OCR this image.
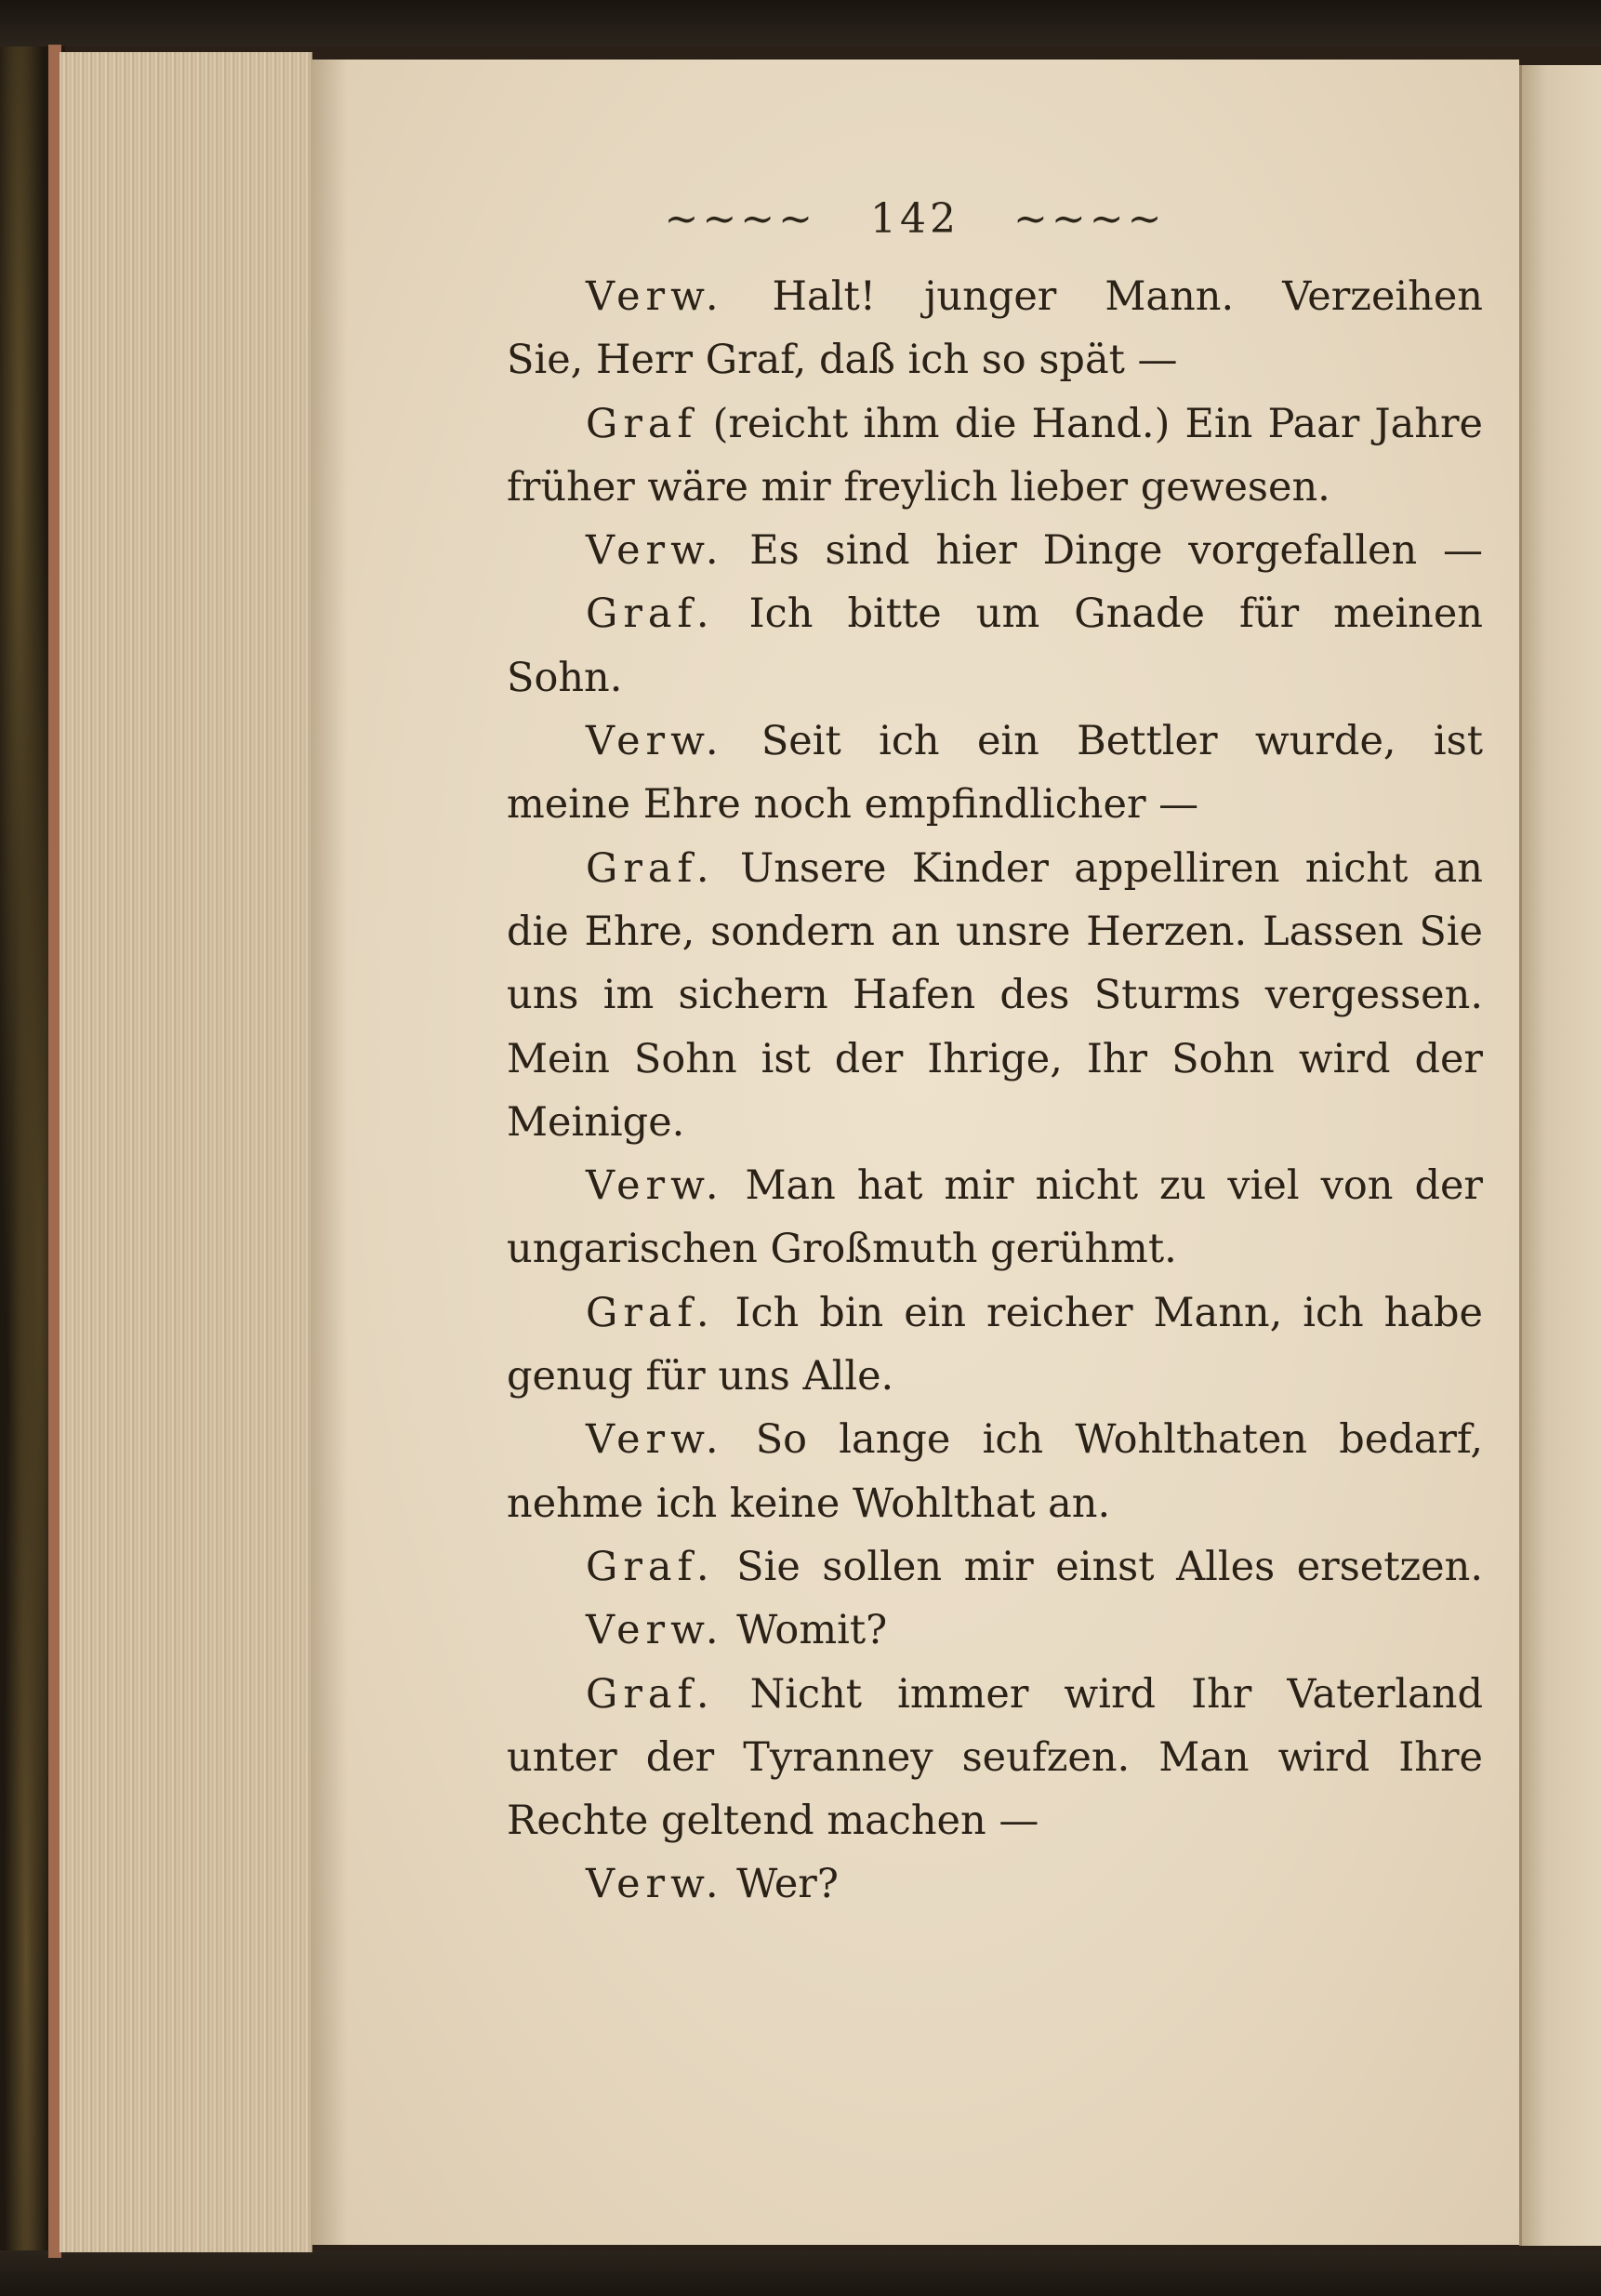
~~~~ 142 ~~~~
Verw. Halt! junger Mann. Verzeihen
Sie, Herr Graf, daß ich so spät —
Graf (reicht ihm die Hand.) Ein Paar Jahre
früher wäre mir freylich lieber gewesen.
Verw. Es sind hier Dinge vorgefallen —
Graf. Ich bitte um Gnade für meinen
Sohn.
Verw. Seit ich ein Bettler wurde, ist
meine Ehre noch empfindlicher —
Graf. Unsere Kinder appelliren nicht an
die Ehre, sondern an unsre Herzen. Lassen Sie
uns im sichern Hafen des Sturms vergessen.
Mein Sohn ist der Ihrige, Ihr Sohn wird der
Meinige.
Verw. Man hat mir nicht zu viel von der
ungarischen Großmuth gerühmt.
Graf. Ich bin ein reicher Mann, ich habe
genug für uns Alle.
Verw. So lange ich Wohlthaten bedarf,
nehme ich keine Wohlthat an.
Graf. Sie sollen mir einst Alles ersetzen.
Verw. Womit?
Graf. Nicht immer wird Ihr Vaterland
unter der Tyranney seufzen. Man wird Ihre
Rechte geltend machen —
Verw. Wer?
